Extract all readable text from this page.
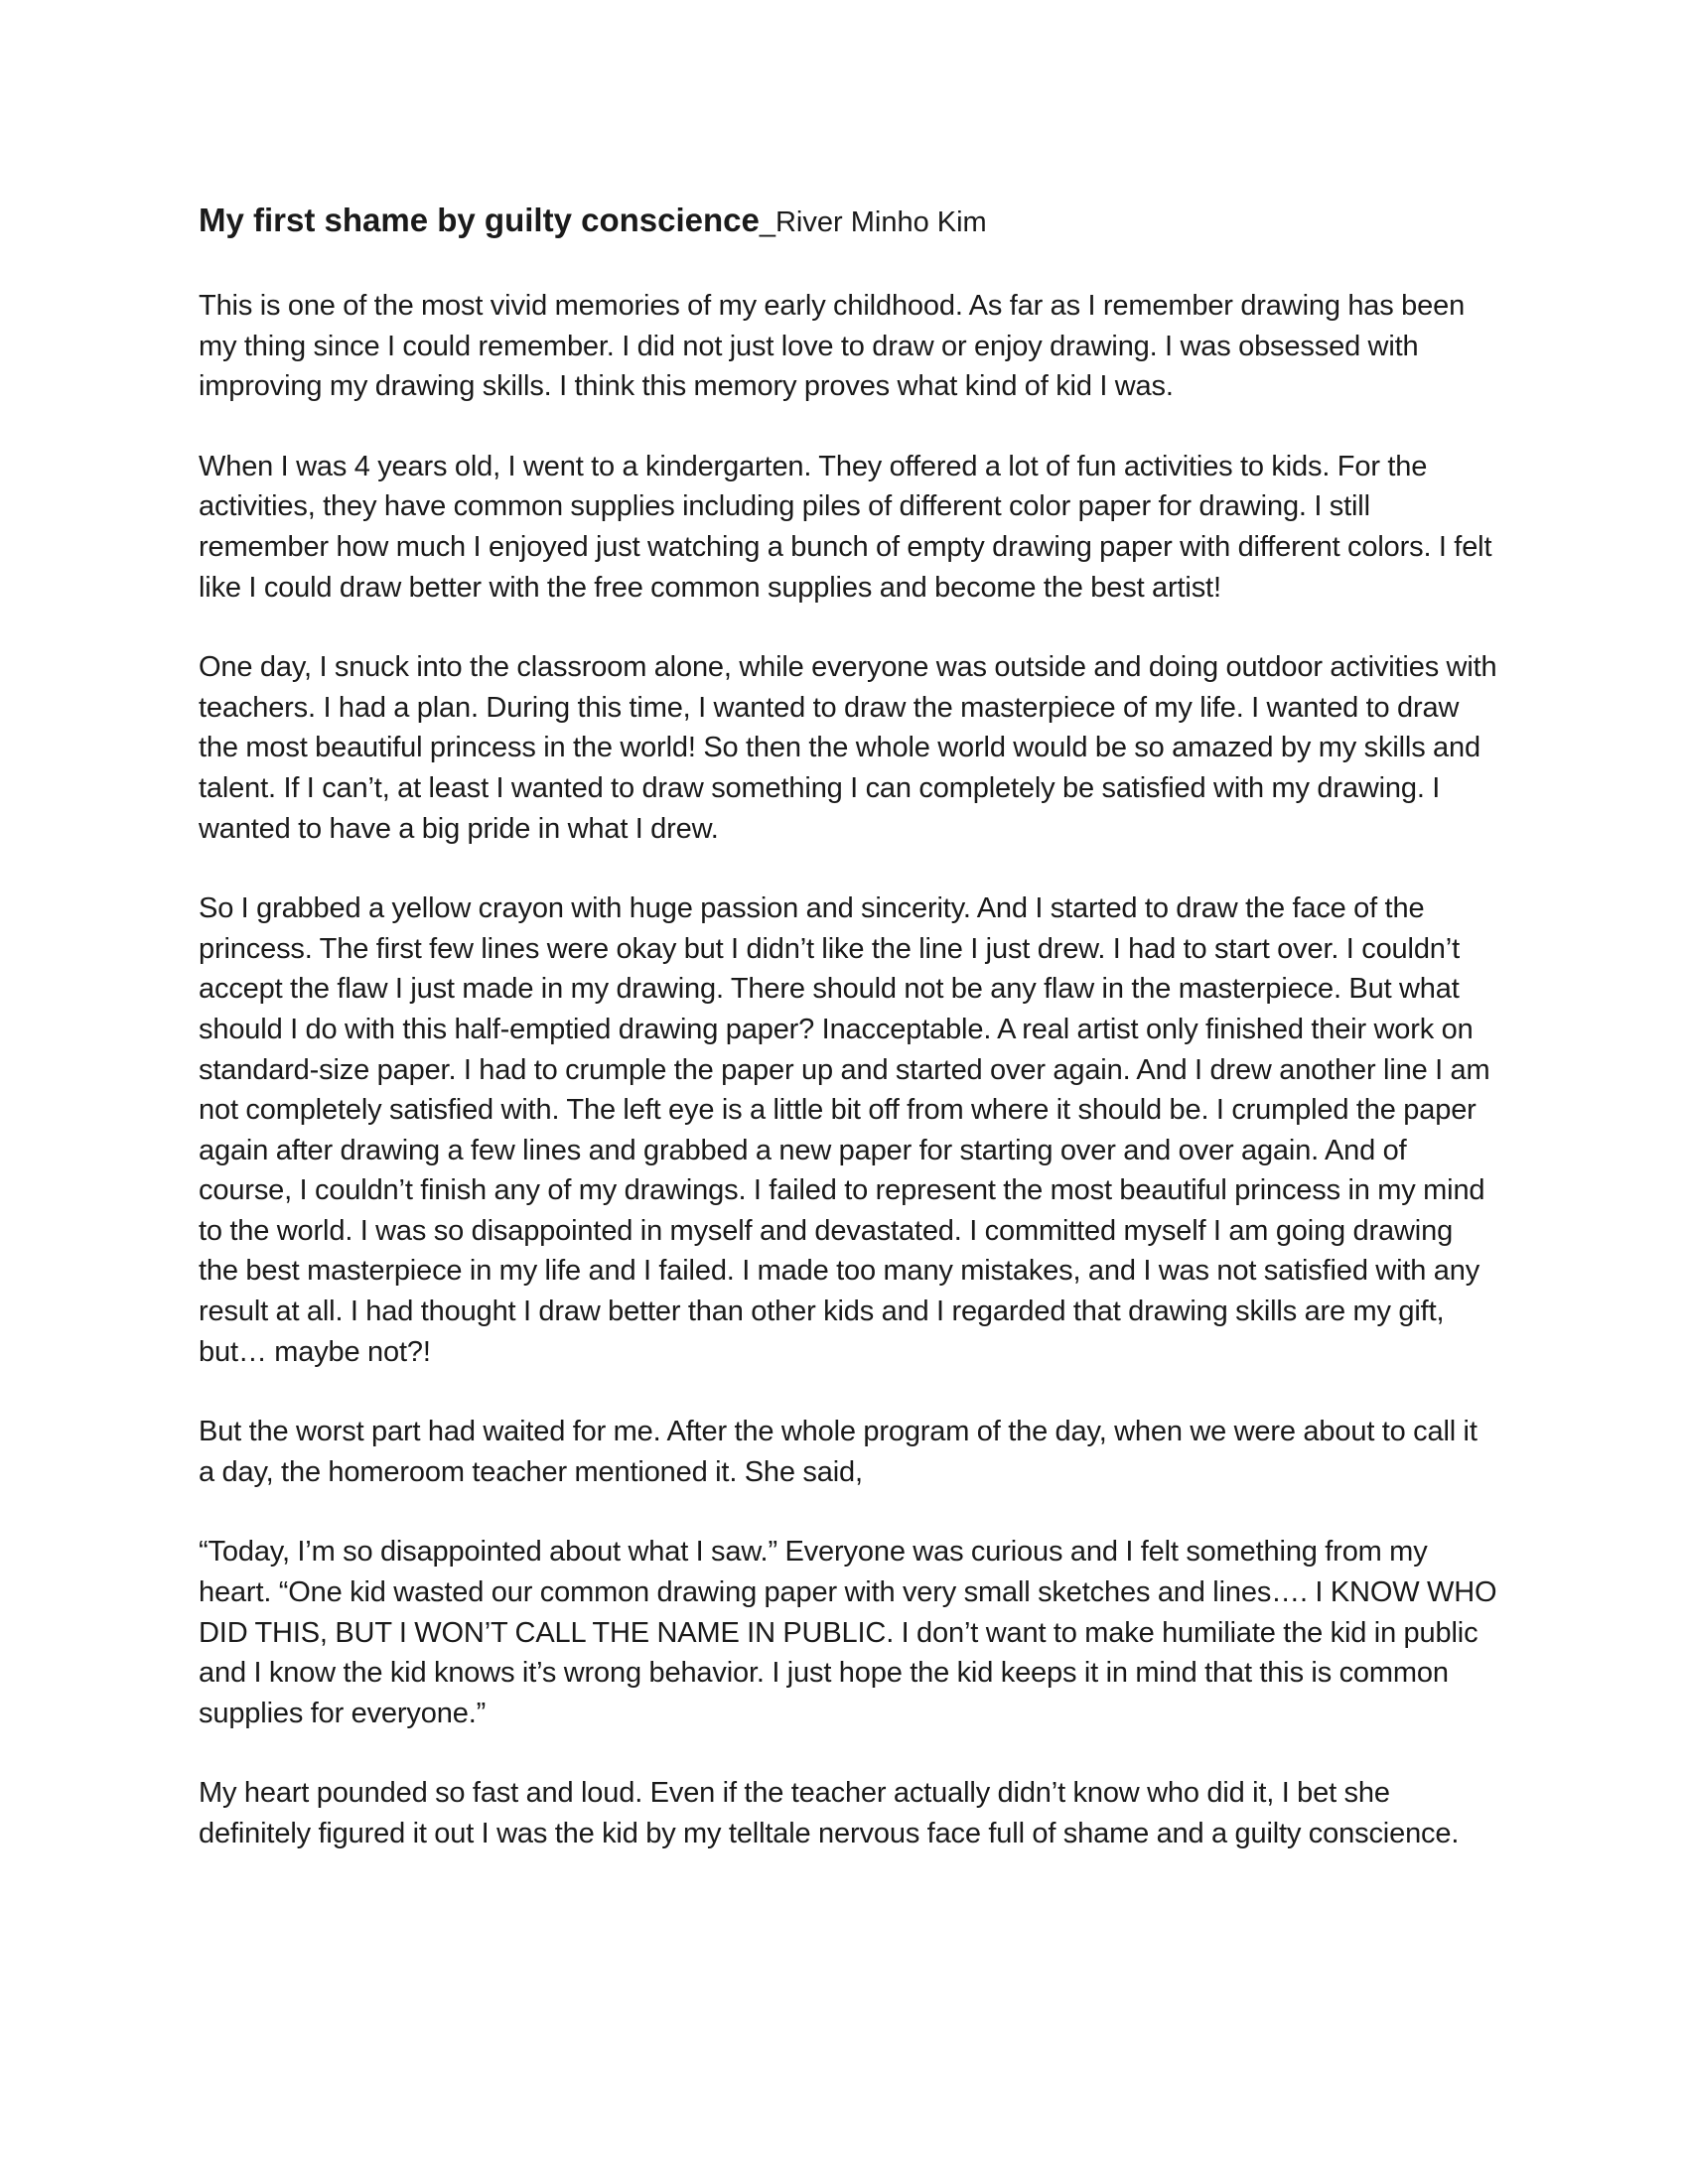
My first shame by guilty conscience_River Minho Kim

This is one of the most vivid memories of my early childhood. As far as I remember drawing has been my thing since I could remember. I did not just love to draw or enjoy drawing. I was obsessed with improving my drawing skills. I think this memory proves what kind of kid I was.

When I was 4 years old, I went to a kindergarten. They offered a lot of fun activities to kids. For the activities, they have common supplies including piles of different color paper for drawing. I still remember how much I enjoyed just watching a bunch of empty drawing paper with different colors. I felt like I could draw better with the free common supplies and become the best artist!

One day, I snuck into the classroom alone, while everyone was outside and doing outdoor activities with teachers. I had a plan. During this time, I wanted to draw the masterpiece of my life. I wanted to draw the most beautiful princess in the world! So then the whole world would be so amazed by my skills and talent. If I can’t, at least I wanted to draw something I can completely be satisfied with my drawing. I wanted to have a big pride in what I drew.

So I grabbed a yellow crayon with huge passion and sincerity. And I started to draw the face of the princess. The first few lines were okay but I didn’t like the line I just drew. I had to start over. I couldn’t accept the flaw I just made in my drawing. There should not be any flaw in the masterpiece. But what should I do with this half-emptied drawing paper? Inacceptable. A real artist only finished their work on standard-size paper. I had to crumple the paper up and started over again. And I drew another line I am not completely satisfied with. The left eye is a little bit off from where it should be. I crumpled the paper again after drawing a few lines and grabbed a new paper for starting over and over again. And of course, I couldn’t finish any of my drawings. I failed to represent the most beautiful princess in my mind to the world. I was so disappointed in myself and devastated. I committed myself I am going drawing the best masterpiece in my life and I failed. I made too many mistakes, and I was not satisfied with any result at all. I had thought I draw better than other kids and I regarded that drawing skills are my gift, but… maybe not?!

But the worst part had waited for me. After the whole program of the day, when we were about to call it a day, the homeroom teacher mentioned it. She said,

“Today, I’m so disappointed about what I saw.” Everyone was curious and I felt something from my heart. “One kid wasted our common drawing paper with very small sketches and lines…. I KNOW WHO DID THIS, BUT I WON’T CALL THE NAME IN PUBLIC. I don’t want to make humiliate the kid in public and I know the kid knows it’s wrong behavior. I just hope the kid keeps it in mind that this is common supplies for everyone.”

My heart pounded so fast and loud. Even if the teacher actually didn’t know who did it, I bet she definitely figured it out I was the kid by my telltale nervous face full of shame and a guilty conscience.
